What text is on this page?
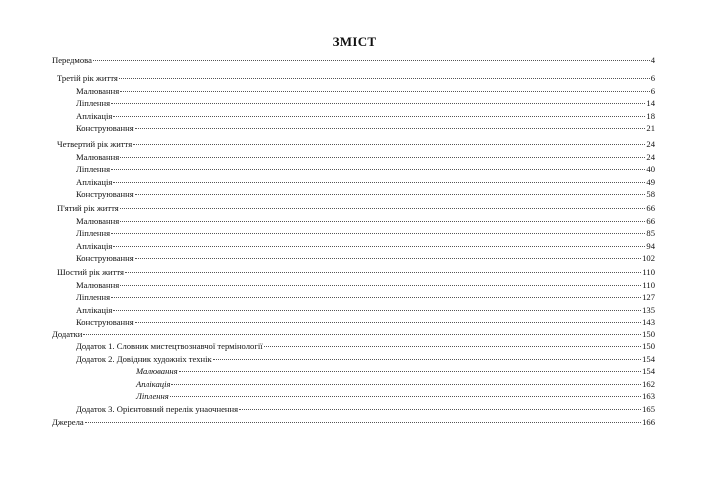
ЗМІСТ
Передмова	4
Третій рік життя	6
Малювання	6
Ліплення	14
Аплікація	18
Конструювання	21
Четвертий рік життя	24
Малювання	24
Ліплення	40
Аплікація	49
Конструювання	58
П'ятий рік життя	66
Малювання	66
Ліплення	85
Аплікація	94
Конструювання	102
Шостий рік життя	110
Малювання	110
Ліплення	127
Аплікація	135
Конструювання	143
Додатки	150
Додаток 1. Словник мистецтвознавчої термінології	150
Додаток 2. Довідник художніх технік	154
Малювання	154
Аплікація	162
Ліплення	163
Додаток 3. Орієнтовний перелік унаочнення	165
Джерела	166
